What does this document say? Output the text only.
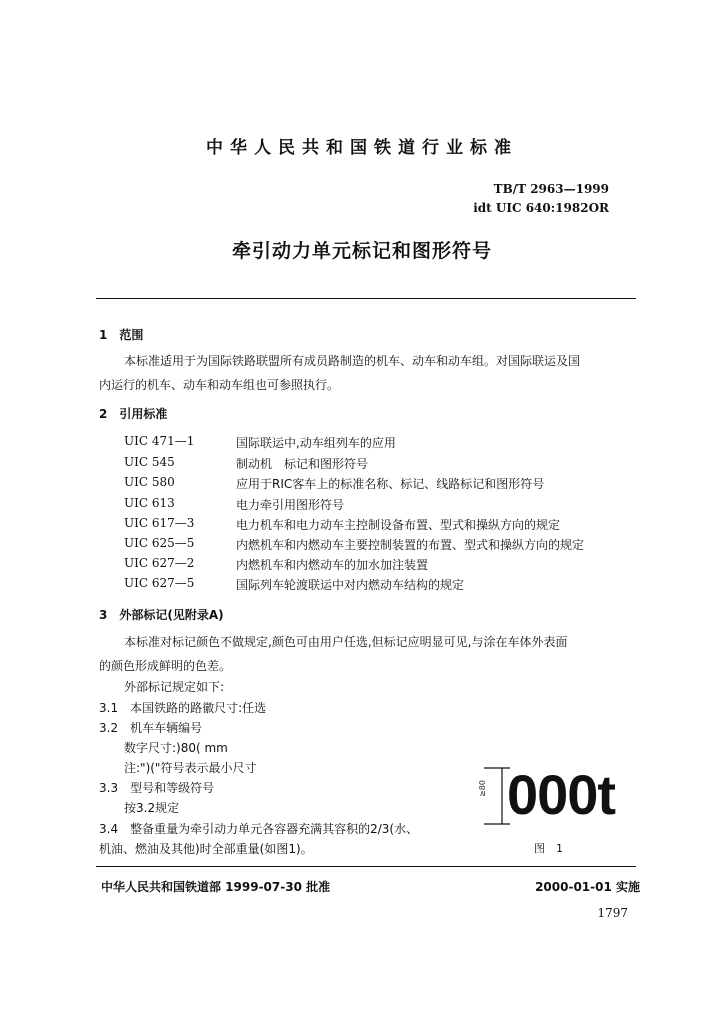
中华人民共和国铁道行业标准
TB/T 2963—1999
idt UIC 640:1982OR
牵引动力单元标记和图形符号
1　范围
本标准适用于为国际铁路联盟所有成员路制造的机车、动车和动车组。对国际联运及国
内运行的机车、动车和动车组也可参照执行。
2　引用标准
UIC 471—1	国际联运中,动车组列车的应用
UIC 545	制动机　标记和图形符号
UIC 580	应用于RIC客车上的标准名称、标记、线路标记和图形符号
UIC 613	电力牵引用图形符号
UIC 617—3	电力机车和电力动车主控制设备布置、型式和操纵方向的规定
UIC 625—5	内燃机车和内燃动车主要控制装置的布置、型式和操纵方向的规定
UIC 627—2	内燃机车和内燃动车的加水加注装置
UIC 627—5	国际列车轮渡联运中对内燃动车结构的规定
3　外部标记(见附录A)
本标准对标记颜色不做规定,颜色可由用户任选,但标记应明显可见,与涂在车体外表面
的颜色形成鲜明的色差。
外部标记规定如下:
3.1　本国铁路的路徽尺寸:任选
3.2　机车车辆编号
数字尺寸:)80( mm
注:")("符号表示最小尺寸
3.3　型号和等级符号
按3.2规定
3.4　整备重量为牵引动力单元各容器充满其容积的2/3(水、
机油、燃油及其他)时全部重量(如图1)。
≥80 000t
图　1
中华人民共和国铁道部 1999-07-30 批准	2000-01-01 实施
1797
